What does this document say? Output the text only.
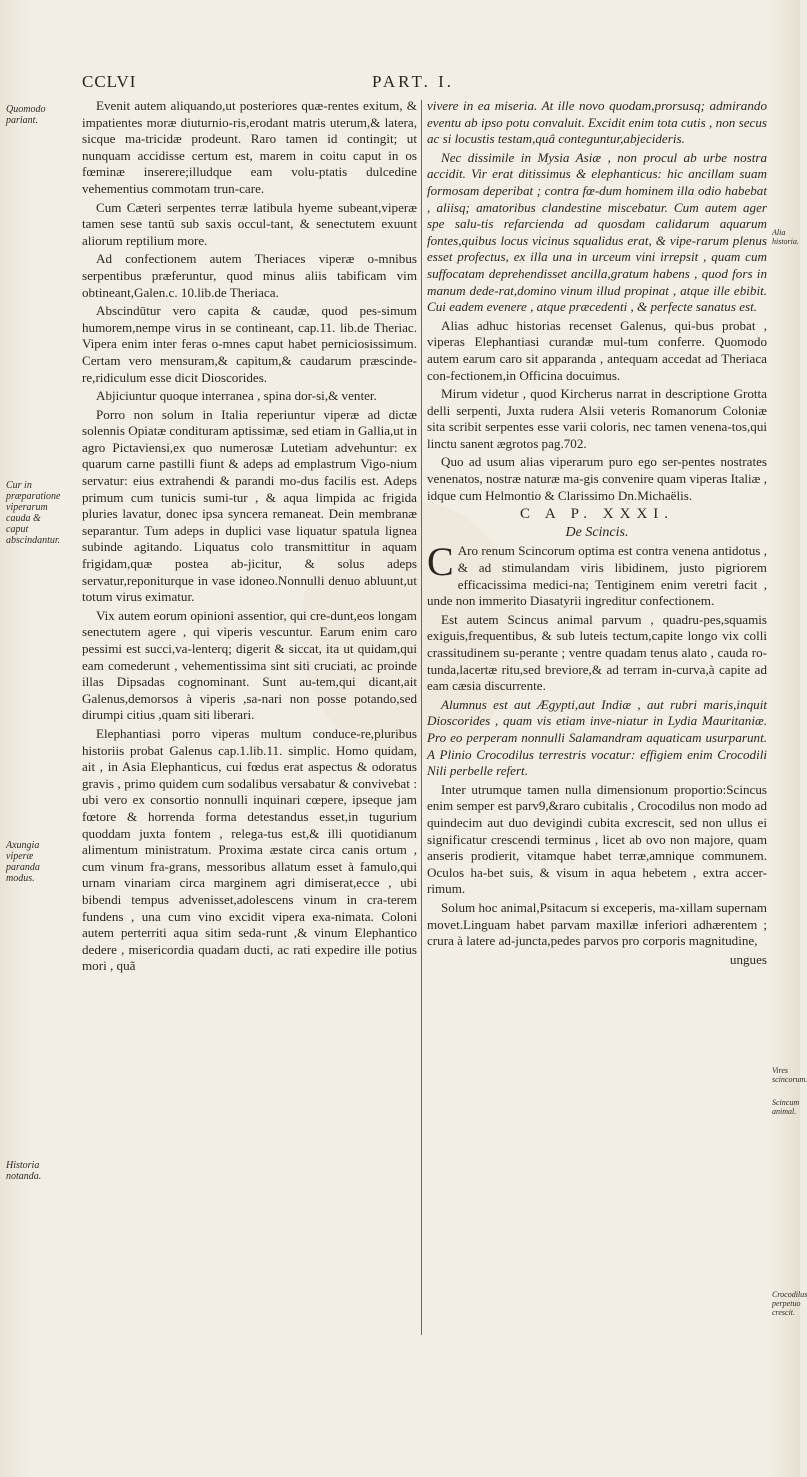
CCLVI	PART. I.
Quomodo pariant.
Cur in præparatione viperarum cauda & caput abscindantur.
Axungia viperæ paranda modus.
Historia notanda.
Alia historia.
Vires scincorum.
Scincum animal.
Crocodilus perpetuo crescit.

Evenit autem aliquando,ut posteriores quæ-rentes exitum, & impatientes moræ diuturnio-ris,erodant matris uterum,& latera, sicque ma-tricidæ prodeunt. Raro tamen id contingit; ut nunquam accidisse certum est, marem in coitu caput in os fœminæ inserere;illudque eam volu-ptatis dulcedine vehementius commotam trun-care.

Cum Cæteri serpentes terræ latibula hyeme subeant,viperæ tamen sese tantū sub saxis occul-tant, & senectutem exuunt aliorum reptilium more.

Ad confectionem autem Theriaces viperæ o-mnibus serpentibus præferuntur, quod minus aliis tabificam vim obtineant,Galen.c. 10.lib.de Theriaca.

Abscindūtur vero capita & caudæ, quod pes-simum humorem,nempe virus in se contineant, cap.11. lib.de Theriac. Vipera enim inter feras o-mnes caput habet perniciosissimum. Certam vero mensuram,& capitum,& caudarum præscinde-re,ridiculum esse dicit Dioscorides.

Abjiciuntur quoque interranea , spina dor-si,& venter.

Porro non solum in Italia reperiuntur viperæ ad dictæ solennis Opiatæ condituram aptissimæ, sed etiam in Gallia,ut in agro Pictaviensi,ex quo numerosæ Lutetiam advehuntur: ex quarum carne pastilli fiunt & adeps ad emplastrum Vigo-nium servatur: eius extrahendi & parandi mo-dus facilis est. Adeps primum cum tunicis sumi-tur , & aqua limpida ac frigida pluries lavatur, donec ipsa syncera remaneat. Dein membranæ separantur. Tum adeps in duplici vase liquatur spatula lignea subinde agitando. Liquatus colo transmittitur in aquam frigidam,quæ postea ab-jicitur, & solus adeps servatur,reponiturque in vase idoneo.Nonnulli denuo abluunt,ut totum virus eximatur.

Vix autem eorum opinioni assentior, qui cre-dunt,eos longam senectutem agere , qui viperis vescuntur. Earum enim caro pessimi est succi,va-lenterq; digerit & siccat, ita ut quidam,qui eam comederunt , vehementissima sint siti cruciati, ac proinde illas Dipsadas cognominant. Sunt au-tem,qui dicant,ait Galenus,demorsos à viperis ,sa-nari non posse potando,sed dirumpi citius ,quam siti liberari.

Elephantiasi porro viperas multum conduce-re,pluribus historiis probat Galenus cap.1.lib.11. simplic. Homo quidam, ait , in Asia Elephanticus, cui fœdus erat aspectus & odoratus gravis , primo quidem cum sodalibus versabatur & convivebat : ubi vero ex consortio nonnulli inquinari cœpere, ipseque jam fœtore & horrenda forma detestandus esset,in tugurium quoddam juxta fontem , relega-tus est,& illi quotidianum alimentum ministratum. Proxima æstate circa canis ortum , cum vinum fra-grans, messoribus allatum esset à famulo,qui urnam vinariam circa marginem agri dimiserat,ecce , ubi bibendi tempus advenisset,adolescens vinum in cra-terem fundens , una cum vino excidit vipera exa-nimata. Coloni autem perterriti aqua sitim seda-runt ,& vinum Elephantico dedere , misericordia quadam ducti, ac rati expedire ille potius mori , quã

vivere in ea miseria. At ille novo quodam,prorsusq; admirando eventu ab ipso potu convaluit. Excidit enim tota cutis , non secus ac si locustis testam,quâ conteguntur,abjecideris.

Nec dissimile in Mysia Asiæ , non procul ab urbe nostra accidit. Vir erat ditissimus & elephanticus: hic ancillam suam formosam deperibat ; contra fœ-dum hominem illa odio habebat , aliisq; amatoribus clandestine miscebatur. Cum autem ager spe salu-tis refarcienda ad quosdam calidarum aquarum fontes,quibus locus vicinus squalidus erat, & vipe-rarum plenus esset profectus, ex illa una in urceum vini irrepsit , quam cum suffocatam deprehendisset ancilla,gratum habens , quod fors in manum dede-rat,domino vinum illud propinat , atque ille ebibit. Cui eadem evenere , atque præcedenti , & perfecte sanatus est.

Alias adhuc historias recenset Galenus, qui-bus probat , viperas Elephantiasi curandæ mul-tum conferre. Quomodo autem earum caro sit apparanda , antequam accedat ad Theriaca con-fectionem,in Officina docuimus.

Mirum videtur , quod Kircherus narrat in descriptione Grotta delli serpenti, Juxta rudera Alsii veteris Romanorum Coloniæ sita scribit serpentes esse varii coloris, nec tamen venena-tos,qui linctu sanent ægrotos pag.702.

Quo ad usum alias viperarum puro ego ser-pentes nostrates venenatos, nostræ naturæ ma-gis convenire quam viperas Italiæ , idque cum Helmontio & Clarissimo Dn.Michaëlis.

C A P. XXXI.

De Scincis.

C Aro renum Scincorum optima est contra venena antidotus , & ad stimulandam viris libidinem, justo pigriorem efficacissima medici-na; Tentiginem enim veretri facit , unde non immerito Diasatyrii ingreditur confectionem.

Est autem Scincus animal parvum , quadru-pes,squamis exiguis,frequentibus, & sub luteis tectum,capite longo vix colli crassitudinem su-perante ; ventre quadam tenus alato , cauda ro-tunda,lacertæ ritu,sed breviore,& ad terram in-curva,à capite ad eam cæsia discurrente.

Alumnus est aut Ægypti,aut Indiæ , aut rubri maris,inquit Dioscorides , quam vis etiam inve-niatur in Lydia Mauritaniæ. Pro eo perperam nonnulli Salamandram aquaticam usurparunt. A Plinio Crocodilus terrestris vocatur: effigiem enim Crocodili Nili perbelle refert.

Inter utrumque tamen nulla dimensionum proportio:Scincus enim semper est parv9,&raro cubitalis , Crocodilus non modo ad quindecim aut duo devigindi cubita excrescit, sed non ullus ei significatur crescendi terminus , licet ab ovo non majore, quam anseris prodierit, vitamque habet terræ,amnique communem. Oculos ha-bet suis, & visum in aqua hebetem , extra accer-rimum.

Solum hoc animal,Psitacum si exceperis, ma-xillam supernam movet.Linguam habet parvam maxillæ inferiori adhærentem ; crura à latere ad-juncta,pedes parvos pro corporis magnitudine,

ungues
